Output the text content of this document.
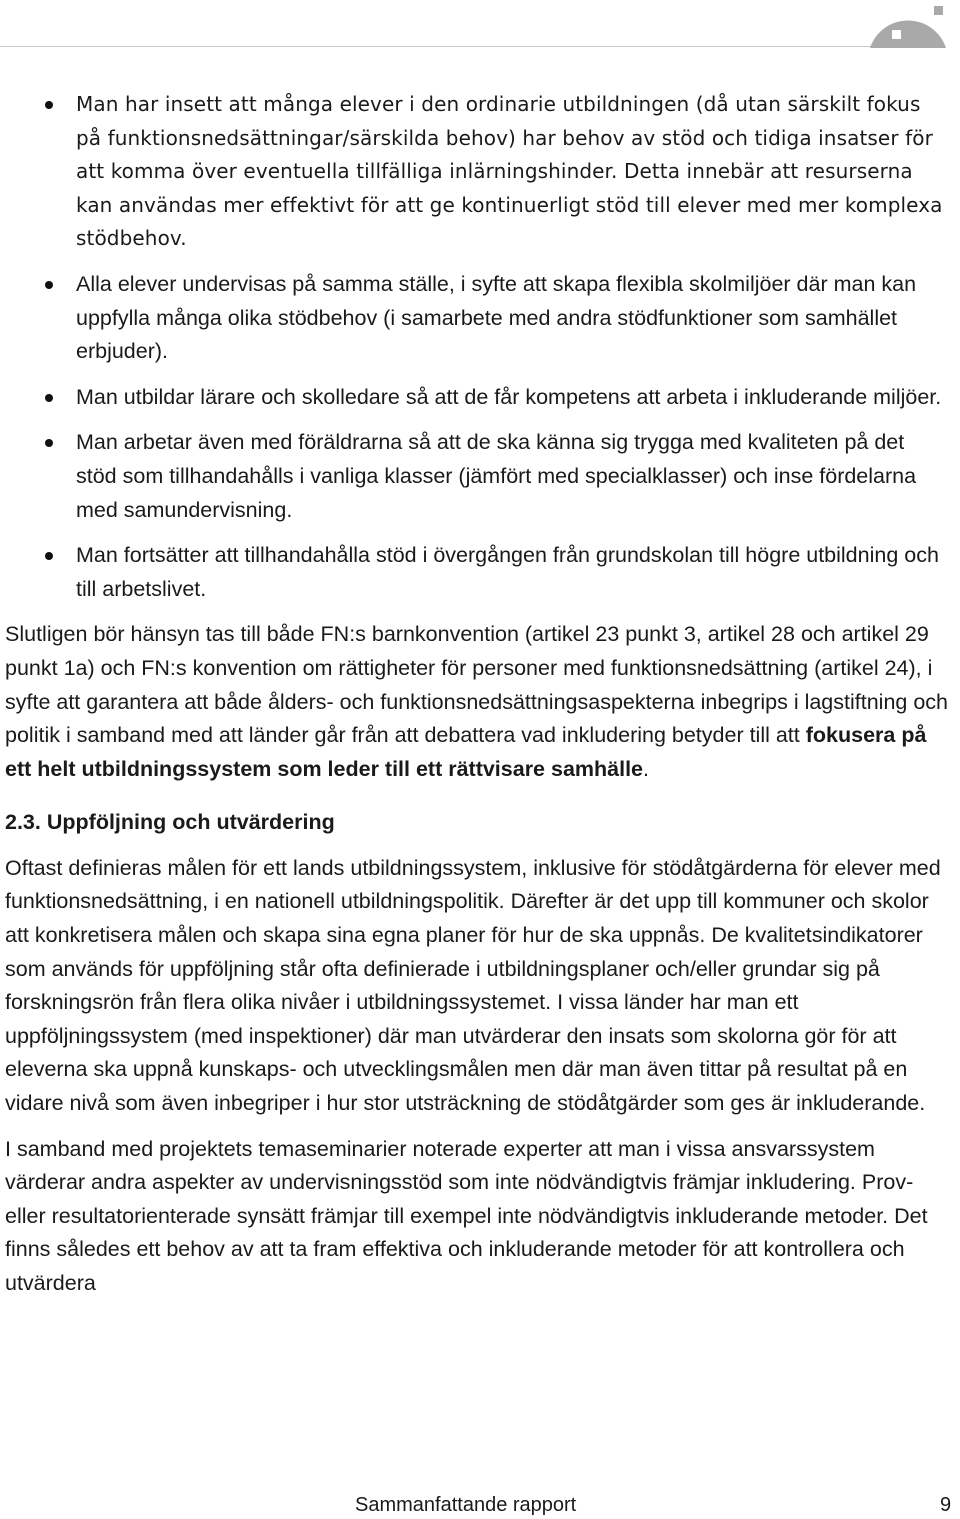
Man har insett att många elever i den ordinarie utbildningen (då utan särskilt fokus på funktionsnedsättningar/särskilda behov) har behov av stöd och tidiga insatser för att komma över eventuella tillfälliga inlärningshinder. Detta innebär att resurserna kan användas mer effektivt för att ge kontinuerligt stöd till elever med mer komplexa stödbehov.
Alla elever undervisas på samma ställe, i syfte att skapa flexibla skolmiljöer där man kan uppfylla många olika stödbehov (i samarbete med andra stödfunktioner som samhället erbjuder).
Man utbildar lärare och skolledare så att de får kompetens att arbeta i inkluderande miljöer.
Man arbetar även med föräldrarna så att de ska känna sig trygga med kvaliteten på det stöd som tillhandahålls i vanliga klasser (jämfört med specialklasser) och inse fördelarna med samundervisning.
Man fortsätter att tillhandahålla stöd i övergången från grundskolan till högre utbildning och till arbetslivet.

Slutligen bör hänsyn tas till både FN:s barnkonvention (artikel 23 punkt 3, artikel 28 och artikel 29 punkt 1a) och FN:s konvention om rättigheter för personer med funktionsnedsättning (artikel 24), i syfte att garantera att både ålders- och funktionsnedsättningsaspekterna inbegrips i lagstiftning och politik i samband med att länder går från att debattera vad inkludering betyder till att fokusera på ett helt utbildningssystem som leder till ett rättvisare samhälle.

2.3. Uppföljning och utvärdering

Oftast definieras målen för ett lands utbildningssystem, inklusive för stödåtgärderna för elever med funktionsnedsättning, i en nationell utbildningspolitik. Därefter är det upp till kommuner och skolor att konkretisera målen och skapa sina egna planer för hur de ska uppnås. De kvalitetsindikatorer som används för uppföljning står ofta definierade i utbildningsplaner och/eller grundar sig på forskningsrön från flera olika nivåer i utbildningssystemet. I vissa länder har man ett uppföljningssystem (med inspektioner) där man utvärderar den insats som skolorna gör för att eleverna ska uppnå kunskaps- och utvecklingsmålen men där man även tittar på resultat på en vidare nivå som även inbegriper i hur stor utsträckning de stödåtgärder som ges är inkluderande.

I samband med projektets temaseminarier noterade experter att man i vissa ansvarssystem värderar andra aspekter av undervisningsstöd som inte nödvändigtvis främjar inkludering. Prov- eller resultatorienterade synsätt främjar till exempel inte nödvändigtvis inkluderande metoder. Det finns således ett behov av att ta fram effektiva och inkluderande metoder för att kontrollera och utvärdera

Sammanfattande rapport	9
